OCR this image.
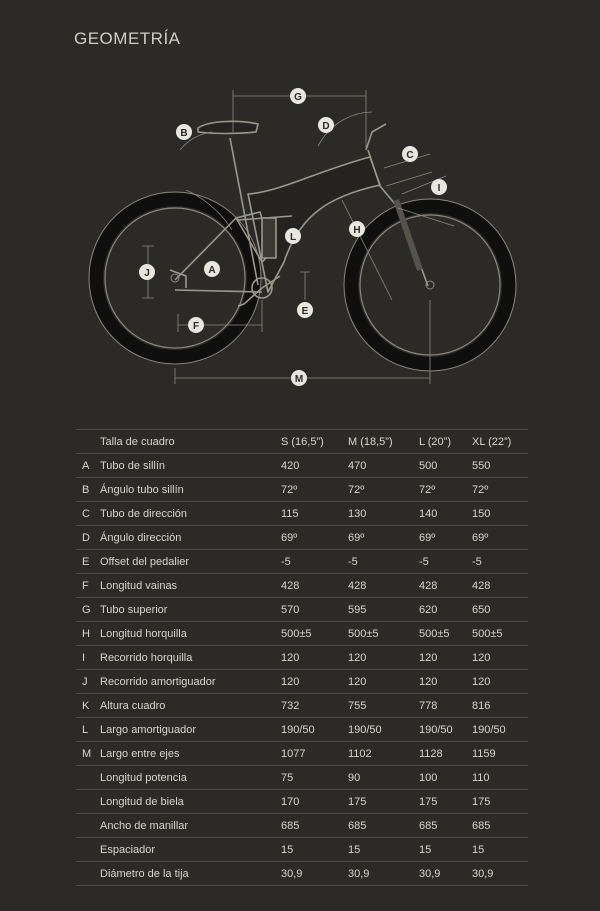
GEOMETRÍA
G
B
D
C
I
H
L
A
J
E
F
M
	Talla de cuadro	S (16,5”)	M (18,5”)	L (20”)	XL (22”)
A	Tubo de sillín	420	470	500	550
B	Ángulo tubo sillín	72º	72º	72º	72º
C	Tubo de dirección	115	130	140	150
D	Ángulo dirección	69º	69º	69º	69º
E	Offset del pedalier	-5	-5	-5	-5
F	Longitud vainas	428	428	428	428
G	Tubo superior	570	595	620	650
H	Longitud horquilla	500±5	500±5	500±5	500±5
I	Recorrido horquilla	120	120	120	120
J	Recorrido amortiguador	120	120	120	120
K	Altura cuadro	732	755	778	816
L	Largo amortiguador	190/50	190/50	190/50	190/50
M	Largo entre ejes	1077	1102	1128	1159
	Longitud potencia	75	90	100	110
	Longitud de biela	170	175	175	175
	Ancho de manillar	685	685	685	685
	Espaciador	15	15	15	15
	Diámetro de la tija	30,9	30,9	30,9	30,9
